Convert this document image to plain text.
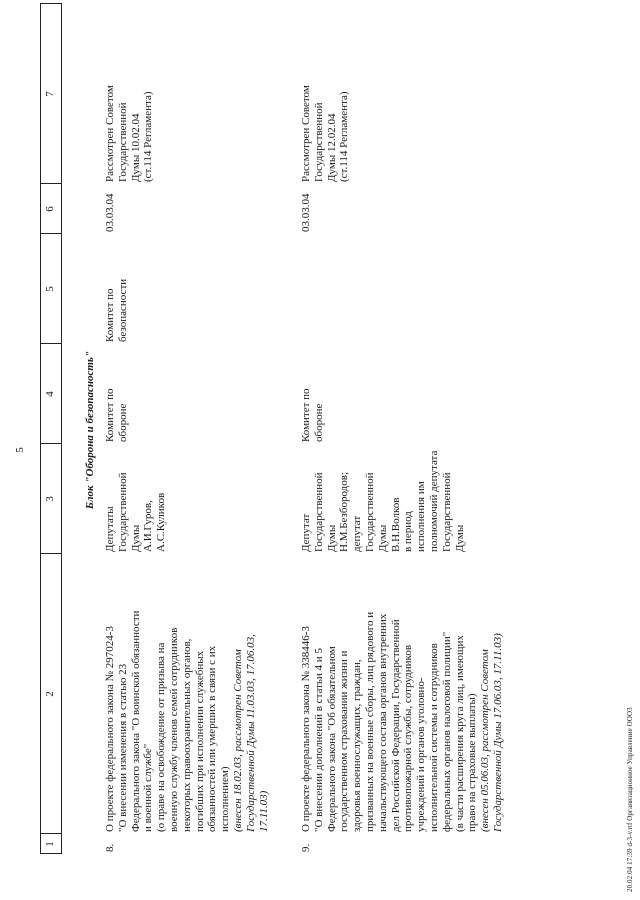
5
1
2
3
4
5
6
7
Блок "Оборона и безопасность"
8.
О проекте федерального закона № 297024-3
"О внесении изменения в статью 23
Федерального закона "О воинской обязанности
и военной службе"
(о праве на освобождение от призыва на
военную службу членов семей сотрудников
некоторых правоохранительных органов,
погибших при исполнении служебных
обязанностей или умерших в связи с их
исполнением) (внесен 18.02.03, рассмотрен Советом
Государственной Думы 11.03.03, 17.06.03,
17.11.03)
Депутаты
Государственной
Думы
А.И.Гуров,
А.С.Куликов
Комитет по
обороне
Комитет по
безопасности
03.03.04
Рассмотрен Советом
Государственной
Думы 10.02.04
(ст.114 Регламента)
9.
О проекте федерального закона № 338446-3
"О внесении дополнений в статьи 4 и 5
Федерального закона "Об обязательном
государственном страховании жизни и
здоровья военнослужащих, граждан,
призванных на военные сборы, лиц рядового и
начальствующего состава органов внутренних
дел Российской Федерации, Государственной
противопожарной службы, сотрудников
учреждений и органов уголовно-
исполнительной системы и сотрудников
федеральных органов налоговой полиции"
(в части расширения круга лиц, имеющих
право на страховые выплаты)
(внесен 05.06.03, рассмотрен Советом
Государственной Думы 17.06.03, 17.11.03)
Депутат
Государственной
Думы
Н.М.Безбородов;
депутат
Государственной
Думы
В.Н.Волков
в период
исполнения им
полномочий депутата
Государственной
Думы
Комитет по
обороне
03.03.04
Рассмотрен Советом
Государственной
Думы 12.02.04
(ст.114 Регламента)
20.02.04 17:39 d-3-v.rtf Организационное Управление ООО3
